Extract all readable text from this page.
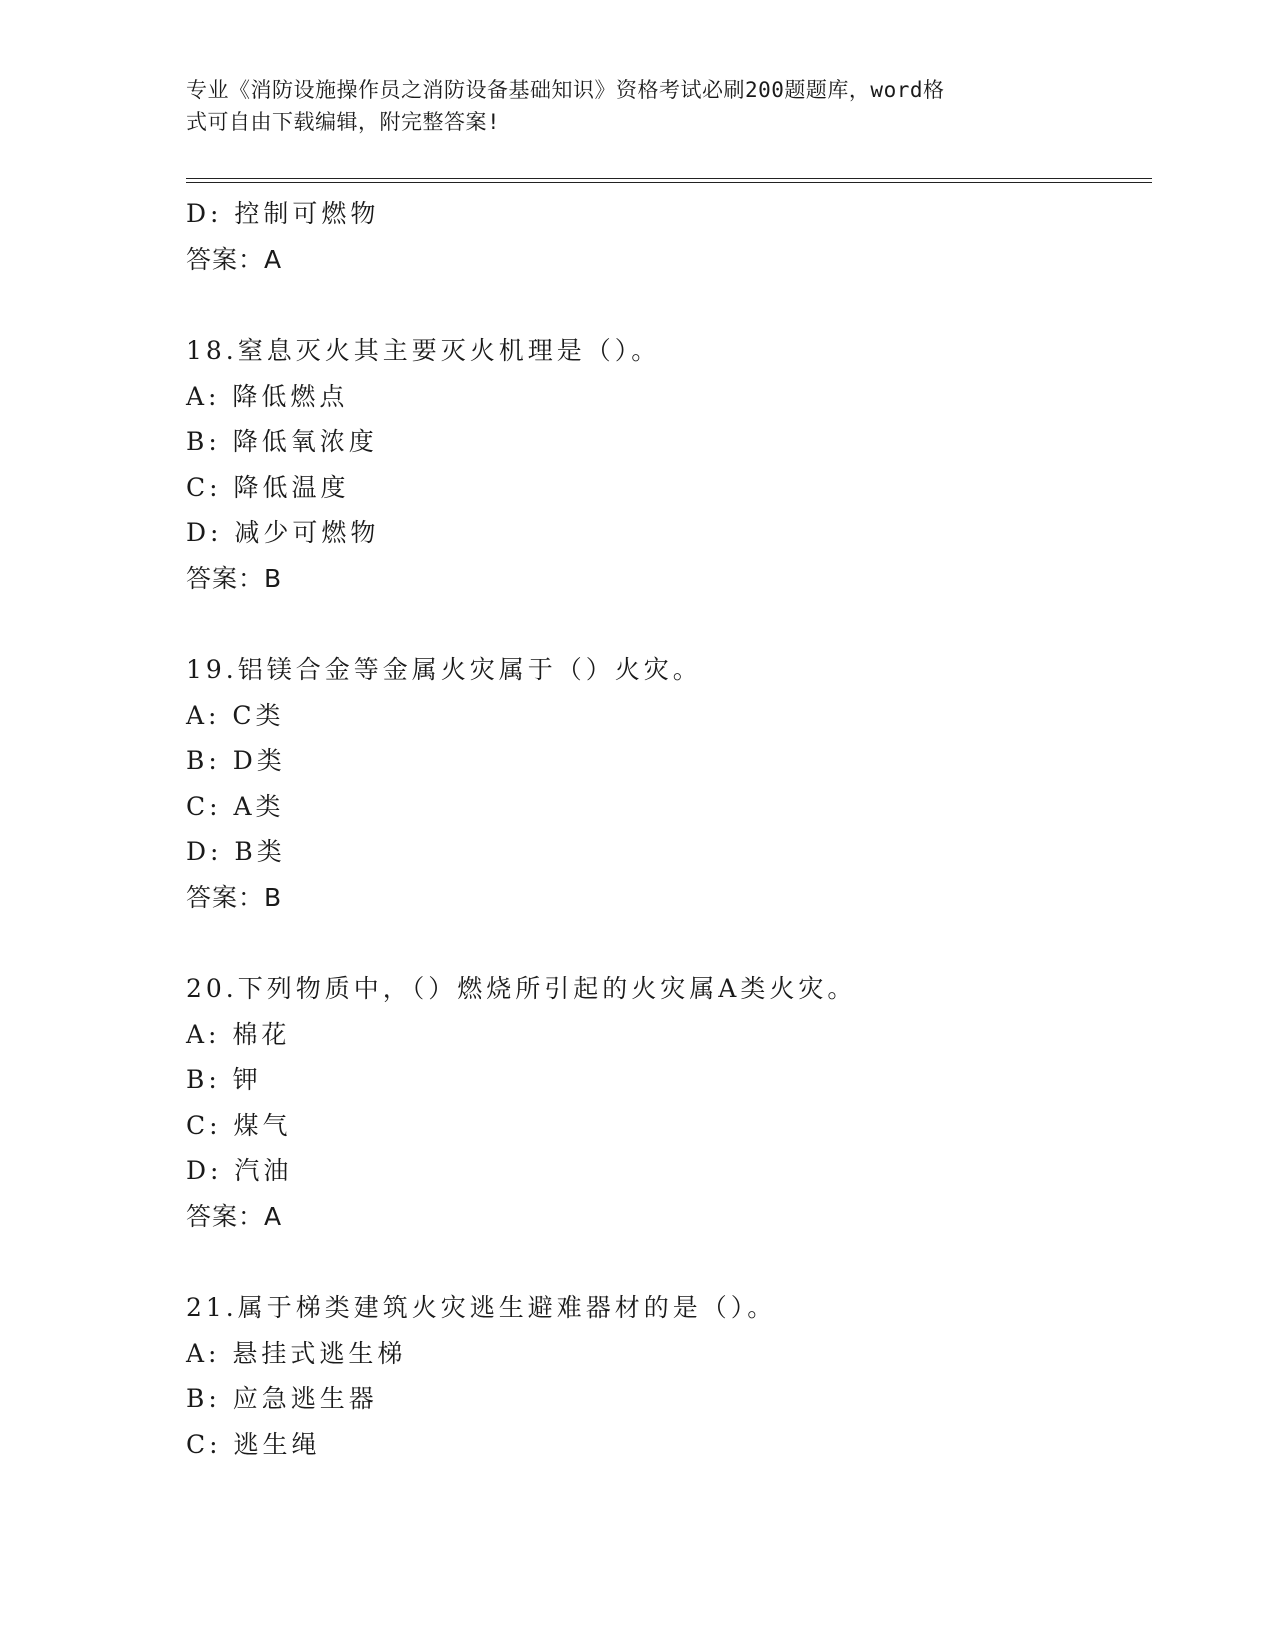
专业《消防设施操作员之消防设备基础知识》资格考试必刷200题题库，word格
式可自由下载编辑，附完整答案!
D: 控制可燃物
答案：A
18.窒息灭火其主要灭火机理是（）。
A: 降低燃点
B: 降低氧浓度
C: 降低温度
D: 减少可燃物
答案：B
19.铝镁合金等金属火灾属于（）火灾。
A: C类
B: D类
C: A类
D: B类
答案：B
20.下列物质中，（）燃烧所引起的火灾属A类火灾。
A: 棉花
B: 钾
C: 煤气
D: 汽油
答案：A
21.属于梯类建筑火灾逃生避难器材的是（）。
A: 悬挂式逃生梯
B: 应急逃生器
C: 逃生绳
